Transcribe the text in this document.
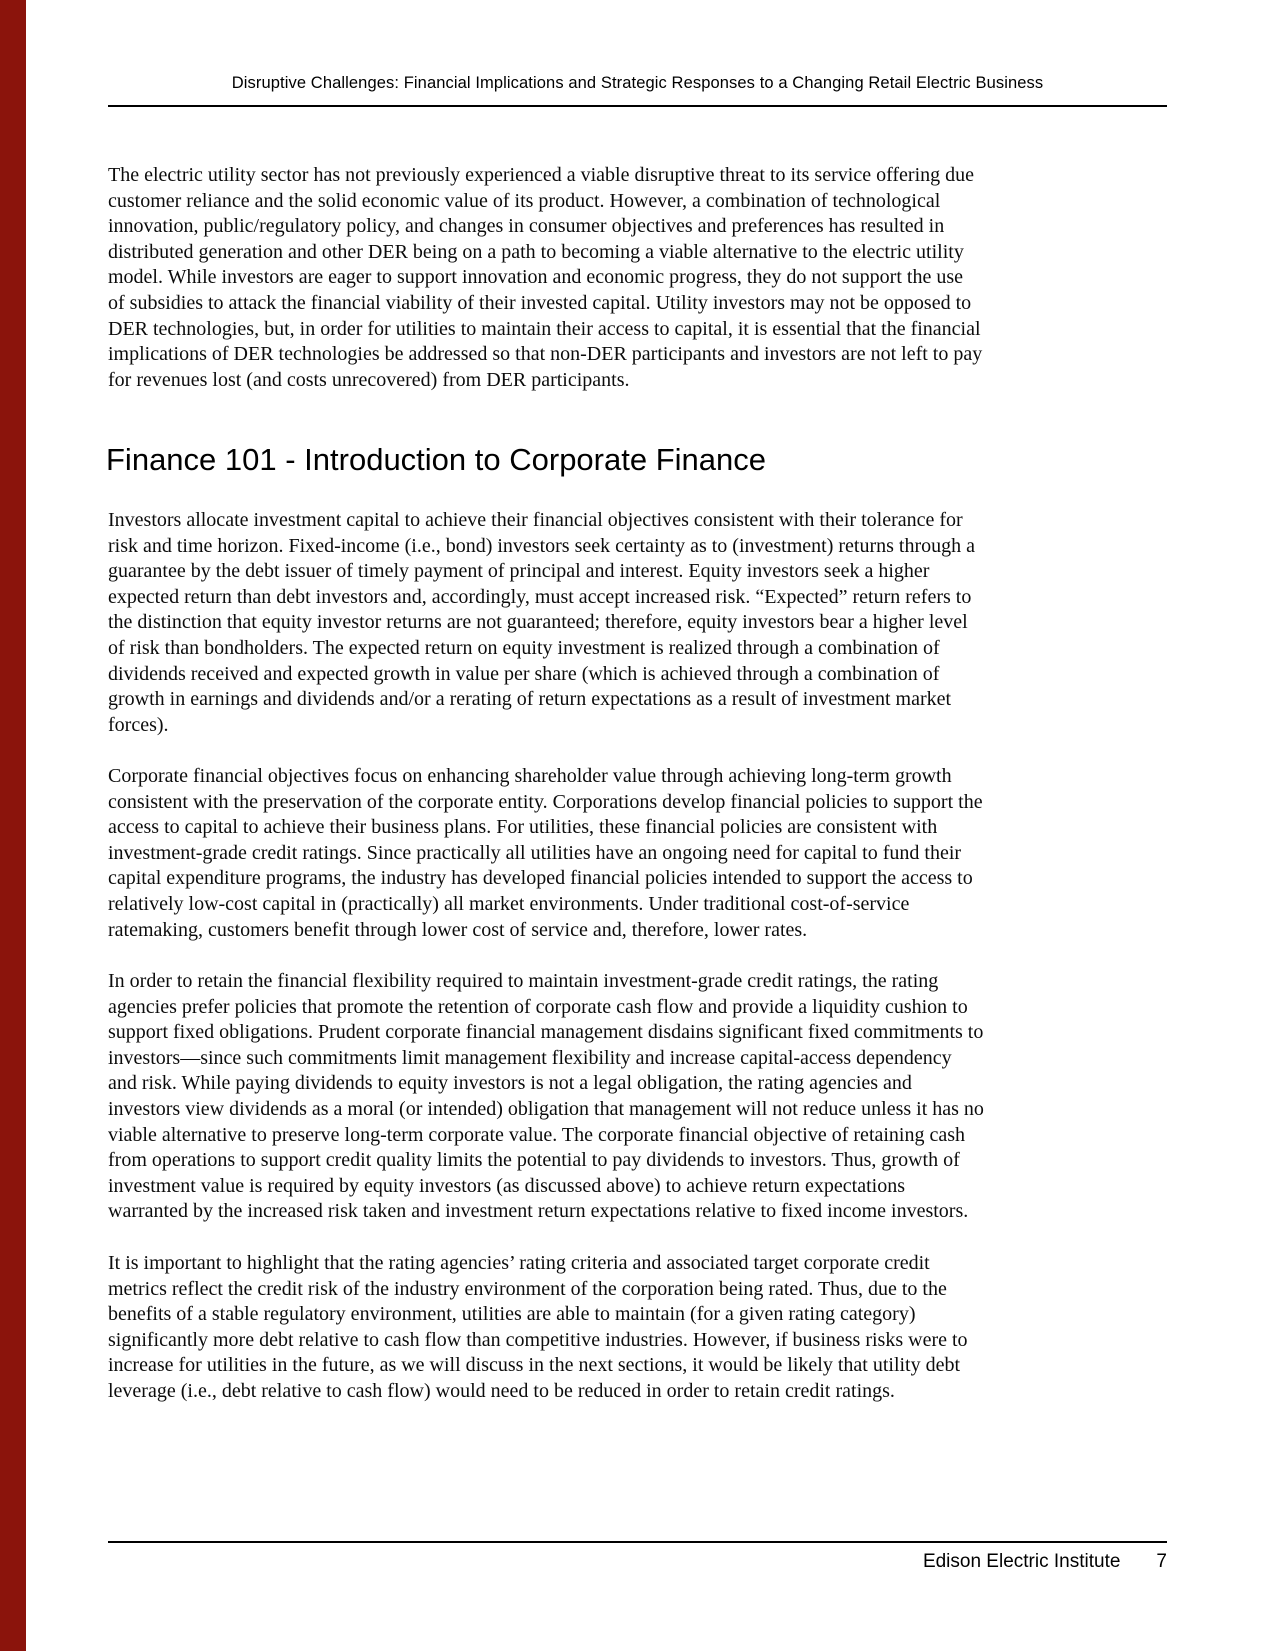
Disruptive Challenges: Financial Implications and Strategic Responses to a Changing Retail Electric Business
The electric utility sector has not previously experienced a viable disruptive threat to its service offering due
customer reliance and the solid economic value of its product. However, a combination of technological
innovation, public/regulatory policy, and changes in consumer objectives and preferences has resulted in
distributed generation and other DER being on a path to becoming a viable alternative to the electric utility
model. While investors are eager to support innovation and economic progress, they do not support the use
of subsidies to attack the financial viability of their invested capital. Utility investors may not be opposed to
DER technologies, but, in order for utilities to maintain their access to capital, it is essential that the financial
implications of DER technologies be addressed so that non-DER participants and investors are not left to pay
for revenues lost (and costs unrecovered) from DER participants.
Finance 101 - Introduction to Corporate Finance
Investors allocate investment capital to achieve their financial objectives consistent with their tolerance for
risk and time horizon. Fixed-income (i.e., bond) investors seek certainty as to (investment) returns through a
guarantee by the debt issuer of timely payment of principal and interest. Equity investors seek a higher
expected return than debt investors and, accordingly, must accept increased risk. “Expected” return refers to
the distinction that equity investor returns are not guaranteed; therefore, equity investors bear a higher level
of risk than bondholders. The expected return on equity investment is realized through a combination of
dividends received and expected growth in value per share (which is achieved through a combination of
growth in earnings and dividends and/or a rerating of return expectations as a result of investment market
forces).
Corporate financial objectives focus on enhancing shareholder value through achieving long-term growth
consistent with the preservation of the corporate entity. Corporations develop financial policies to support the
access to capital to achieve their business plans. For utilities, these financial policies are consistent with
investment-grade credit ratings. Since practically all utilities have an ongoing need for capital to fund their
capital expenditure programs, the industry has developed financial policies intended to support the access to
relatively low-cost capital in (practically) all market environments. Under traditional cost-of-service
ratemaking, customers benefit through lower cost of service and, therefore, lower rates.
In order to retain the financial flexibility required to maintain investment-grade credit ratings, the rating
agencies prefer policies that promote the retention of corporate cash flow and provide a liquidity cushion to
support fixed obligations. Prudent corporate financial management disdains significant fixed commitments to
investors—since such commitments limit management flexibility and increase capital-access dependency
and risk. While paying dividends to equity investors is not a legal obligation, the rating agencies and
investors view dividends as a moral (or intended) obligation that management will not reduce unless it has no
viable alternative to preserve long-term corporate value. The corporate financial objective of retaining cash
from operations to support credit quality limits the potential to pay dividends to investors. Thus, growth of
investment value is required by equity investors (as discussed above) to achieve return expectations
warranted by the increased risk taken and investment return expectations relative to fixed income investors.
It is important to highlight that the rating agencies’ rating criteria and associated target corporate credit
metrics reflect the credit risk of the industry environment of the corporation being rated. Thus, due to the
benefits of a stable regulatory environment, utilities are able to maintain (for a given rating category)
significantly more debt relative to cash flow than competitive industries. However, if business risks were to
increase for utilities in the future, as we will discuss in the next sections, it would be likely that utility debt
leverage (i.e., debt relative to cash flow) would need to be reduced in order to retain credit ratings.
Edison Electric Institute 7
